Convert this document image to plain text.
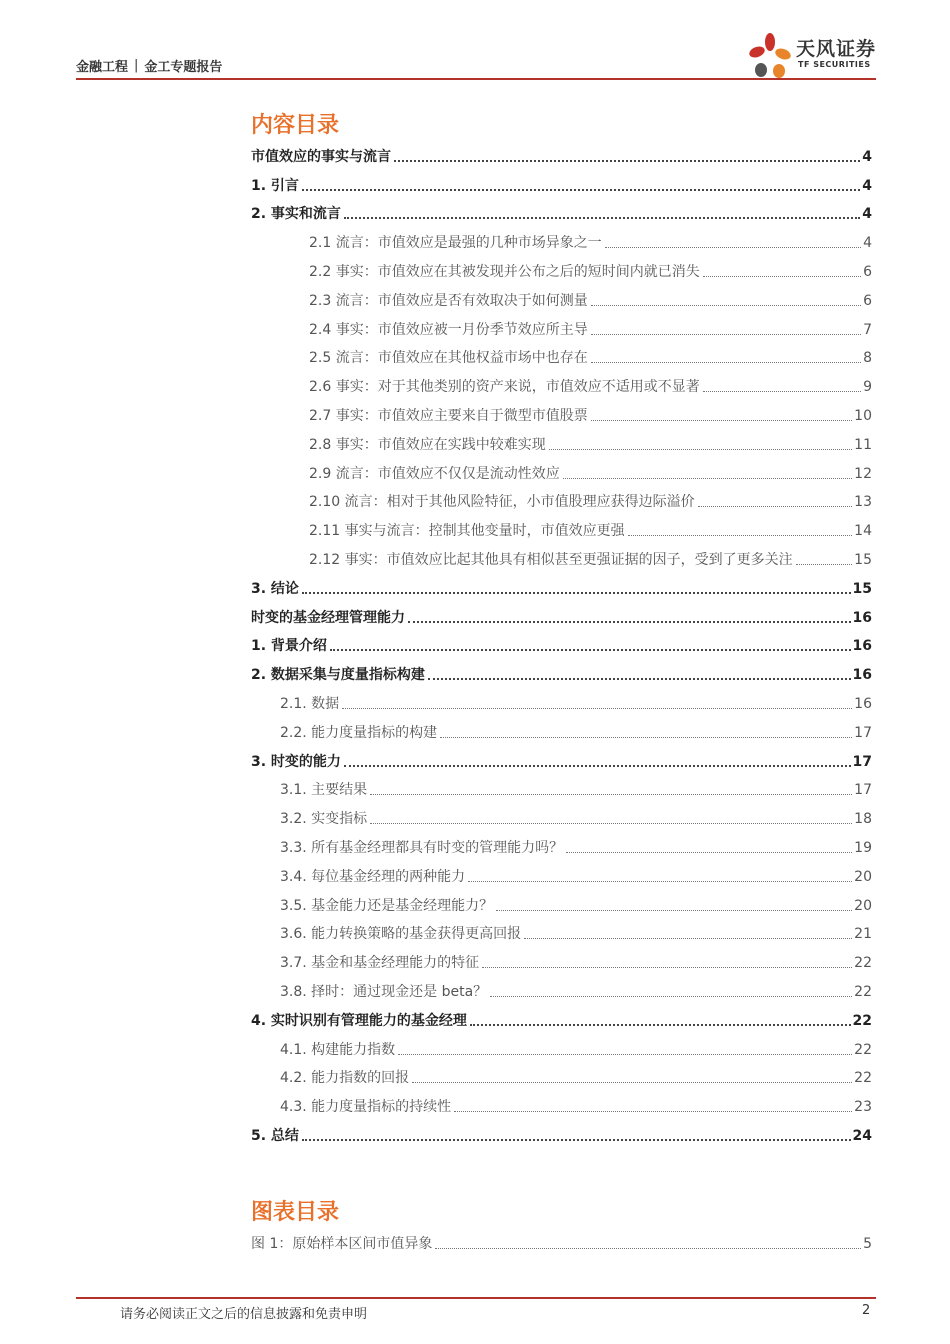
金融工程 | 金工专题报告
天风证券
TF SECURITIES
内容目录
市值效应的事实与流言	4
1. 引言	4
2. 事实和流言	4
2.1 流言：市值效应是最强的几种市场异象之一	4
2.2 事实：市值效应在其被发现并公布之后的短时间内就已消失	6
2.3 流言：市值效应是否有效取决于如何测量	6
2.4 事实：市值效应被一月份季节效应所主导	7
2.5 流言：市值效应在其他权益市场中也存在	8
2.6 事实：对于其他类别的资产来说，市值效应不适用或不显著	9
2.7 事实：市值效应主要来自于微型市值股票	10
2.8 事实：市值效应在实践中较难实现	11
2.9 流言：市值效应不仅仅是流动性效应	12
2.10 流言：相对于其他风险特征，小市值股理应获得边际溢价	13
2.11 事实与流言：控制其他变量时，市值效应更强	14
2.12 事实：市值效应比起其他具有相似甚至更强证据的因子，受到了更多关注	15
3. 结论	15
时变的基金经理管理能力	16
1. 背景介绍	16
2. 数据采集与度量指标构建	16
2.1. 数据	16
2.2. 能力度量指标的构建	17
3. 时变的能力	17
3.1. 主要结果	17
3.2. 实变指标	18
3.3. 所有基金经理都具有时变的管理能力吗？	19
3.4. 每位基金经理的两种能力	20
3.5. 基金能力还是基金经理能力？	20
3.6. 能力转换策略的基金获得更高回报	21
3.7. 基金和基金经理能力的特征	22
3.8. 择时：通过现金还是 beta？	22
4. 实时识别有管理能力的基金经理	22
4.1. 构建能力指数	22
4.2. 能力指数的回报	22
4.3. 能力度量指标的持续性	23
5. 总结	24
图表目录
图 1：原始样本区间市值异象	5
请务必阅读正文之后的信息披露和免责申明	2
